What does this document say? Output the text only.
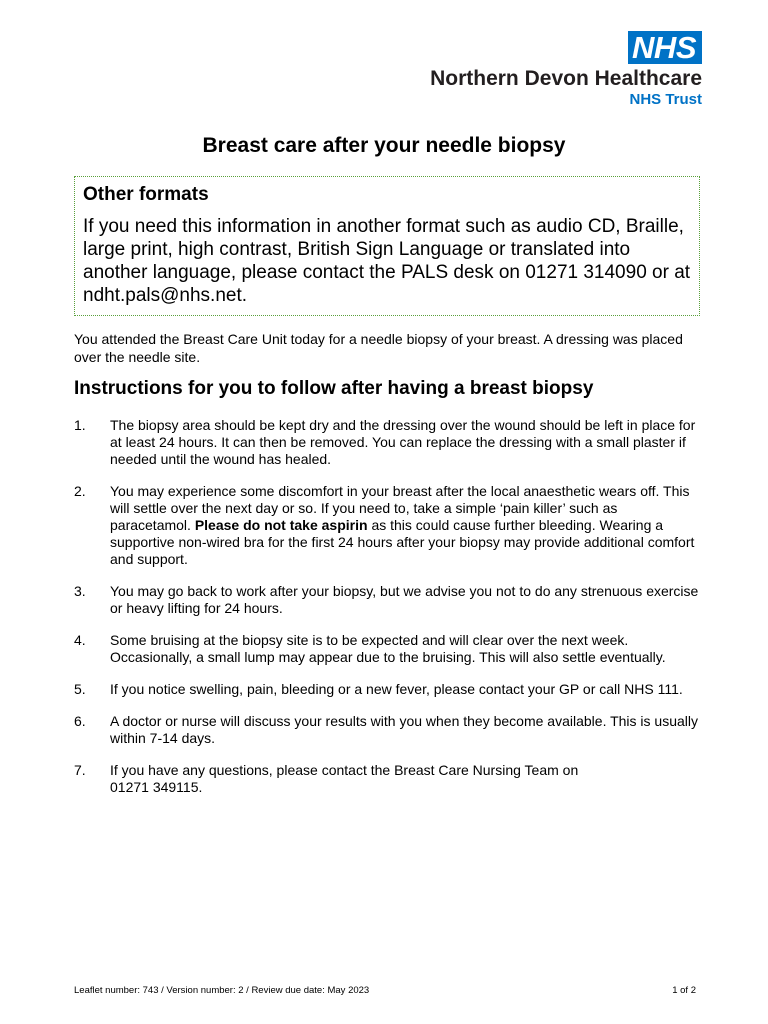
NHS
Northern Devon Healthcare
NHS Trust
Breast care after your needle biopsy

Other formats

If you need this information in another format such as audio CD, Braille, large print, high contrast, British Sign Language or translated into another language, please contact the PALS desk on 01271 314090 or at ndht.pals@nhs.net.

You attended the Breast Care Unit today for a needle biopsy of your breast. A dressing was placed over the needle site.

Instructions for you to follow after having a breast biopsy
1. The biopsy area should be kept dry and the dressing over the wound should be left in place for at least 24 hours. It can then be removed. You can replace the dressing with a small plaster if needed until the wound has healed.
2. You may experience some discomfort in your breast after the local anaesthetic wears off. This will settle over the next day or so. If you need to, take a simple ‘pain killer’ such as paracetamol. Please do not take aspirin as this could cause further bleeding. Wearing a supportive non-wired bra for the first 24 hours after your biopsy may provide additional comfort and support.
3. You may go back to work after your biopsy, but we advise you not to do any strenuous exercise or heavy lifting for 24 hours.
4. Some bruising at the biopsy site is to be expected and will clear over the next week. Occasionally, a small lump may appear due to the bruising. This will also settle eventually.
5. If you notice swelling, pain, bleeding or a new fever, please contact your GP or call NHS 111.
6. A doctor or nurse will discuss your results with you when they become available. This is usually within 7-14 days.
7. If you have any questions, please contact the Breast Care Nursing Team on
01271 349115.
Leaflet number: 743 / Version number: 2 / Review due date: May 2023	1 of 2
